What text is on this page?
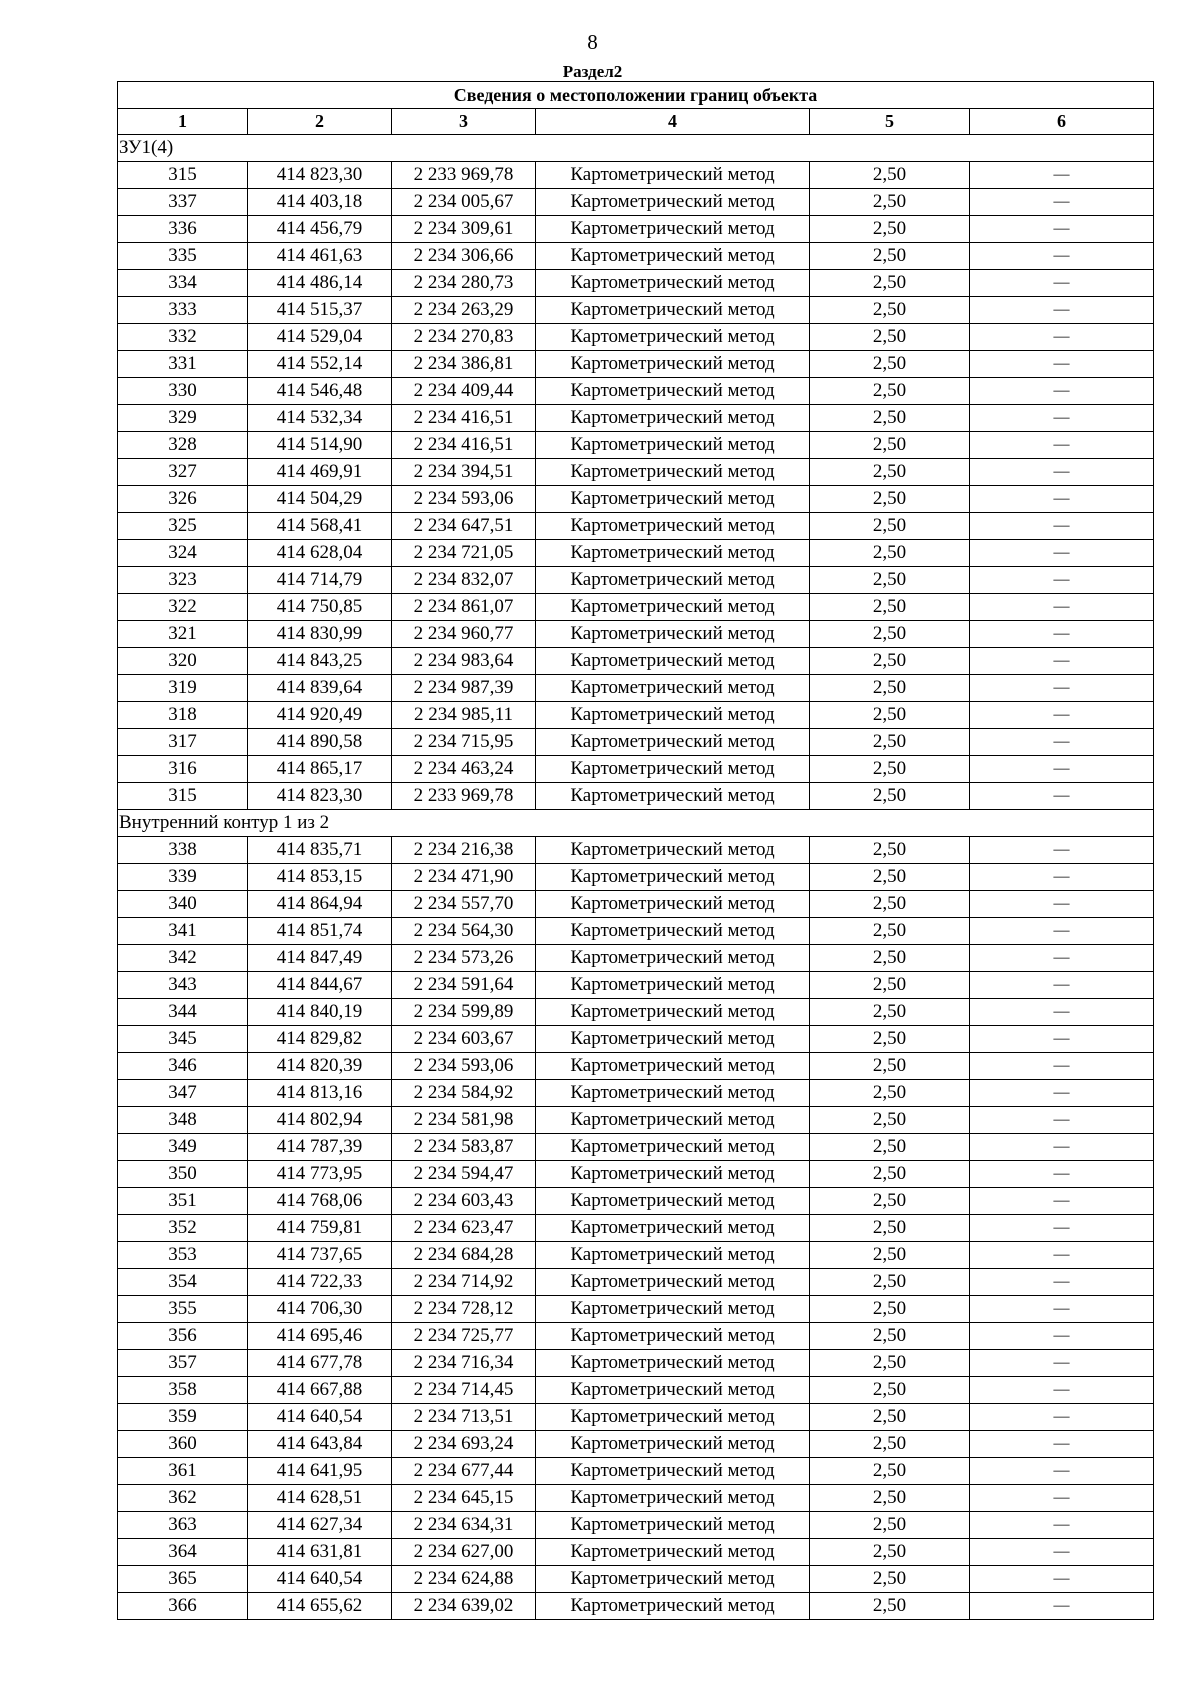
8
Раздел2
Сведения о местоположении границ объекта					
1	2	3	4	5	6
ЗУ1(4)					
315	414 823,30	2 233 969,78	Картометрический метод	2,50	—
337	414 403,18	2 234 005,67	Картометрический метод	2,50	—
336	414 456,79	2 234 309,61	Картометрический метод	2,50	—
335	414 461,63	2 234 306,66	Картометрический метод	2,50	—
334	414 486,14	2 234 280,73	Картометрический метод	2,50	—
333	414 515,37	2 234 263,29	Картометрический метод	2,50	—
332	414 529,04	2 234 270,83	Картометрический метод	2,50	—
331	414 552,14	2 234 386,81	Картометрический метод	2,50	—
330	414 546,48	2 234 409,44	Картометрический метод	2,50	—
329	414 532,34	2 234 416,51	Картометрический метод	2,50	—
328	414 514,90	2 234 416,51	Картометрический метод	2,50	—
327	414 469,91	2 234 394,51	Картометрический метод	2,50	—
326	414 504,29	2 234 593,06	Картометрический метод	2,50	—
325	414 568,41	2 234 647,51	Картометрический метод	2,50	—
324	414 628,04	2 234 721,05	Картометрический метод	2,50	—
323	414 714,79	2 234 832,07	Картометрический метод	2,50	—
322	414 750,85	2 234 861,07	Картометрический метод	2,50	—
321	414 830,99	2 234 960,77	Картометрический метод	2,50	—
320	414 843,25	2 234 983,64	Картометрический метод	2,50	—
319	414 839,64	2 234 987,39	Картометрический метод	2,50	—
318	414 920,49	2 234 985,11	Картометрический метод	2,50	—
317	414 890,58	2 234 715,95	Картометрический метод	2,50	—
316	414 865,17	2 234 463,24	Картометрический метод	2,50	—
315	414 823,30	2 233 969,78	Картометрический метод	2,50	—
Внутренний контур 1 из 2					
338	414 835,71	2 234 216,38	Картометрический метод	2,50	—
339	414 853,15	2 234 471,90	Картометрический метод	2,50	—
340	414 864,94	2 234 557,70	Картометрический метод	2,50	—
341	414 851,74	2 234 564,30	Картометрический метод	2,50	—
342	414 847,49	2 234 573,26	Картометрический метод	2,50	—
343	414 844,67	2 234 591,64	Картометрический метод	2,50	—
344	414 840,19	2 234 599,89	Картометрический метод	2,50	—
345	414 829,82	2 234 603,67	Картометрический метод	2,50	—
346	414 820,39	2 234 593,06	Картометрический метод	2,50	—
347	414 813,16	2 234 584,92	Картометрический метод	2,50	—
348	414 802,94	2 234 581,98	Картометрический метод	2,50	—
349	414 787,39	2 234 583,87	Картометрический метод	2,50	—
350	414 773,95	2 234 594,47	Картометрический метод	2,50	—
351	414 768,06	2 234 603,43	Картометрический метод	2,50	—
352	414 759,81	2 234 623,47	Картометрический метод	2,50	—
353	414 737,65	2 234 684,28	Картометрический метод	2,50	—
354	414 722,33	2 234 714,92	Картометрический метод	2,50	—
355	414 706,30	2 234 728,12	Картометрический метод	2,50	—
356	414 695,46	2 234 725,77	Картометрический метод	2,50	—
357	414 677,78	2 234 716,34	Картометрический метод	2,50	—
358	414 667,88	2 234 714,45	Картометрический метод	2,50	—
359	414 640,54	2 234 713,51	Картометрический метод	2,50	—
360	414 643,84	2 234 693,24	Картометрический метод	2,50	—
361	414 641,95	2 234 677,44	Картометрический метод	2,50	—
362	414 628,51	2 234 645,15	Картометрический метод	2,50	—
363	414 627,34	2 234 634,31	Картометрический метод	2,50	—
364	414 631,81	2 234 627,00	Картометрический метод	2,50	—
365	414 640,54	2 234 624,88	Картометрический метод	2,50	—
366	414 655,62	2 234 639,02	Картометрический метод	2,50	—
